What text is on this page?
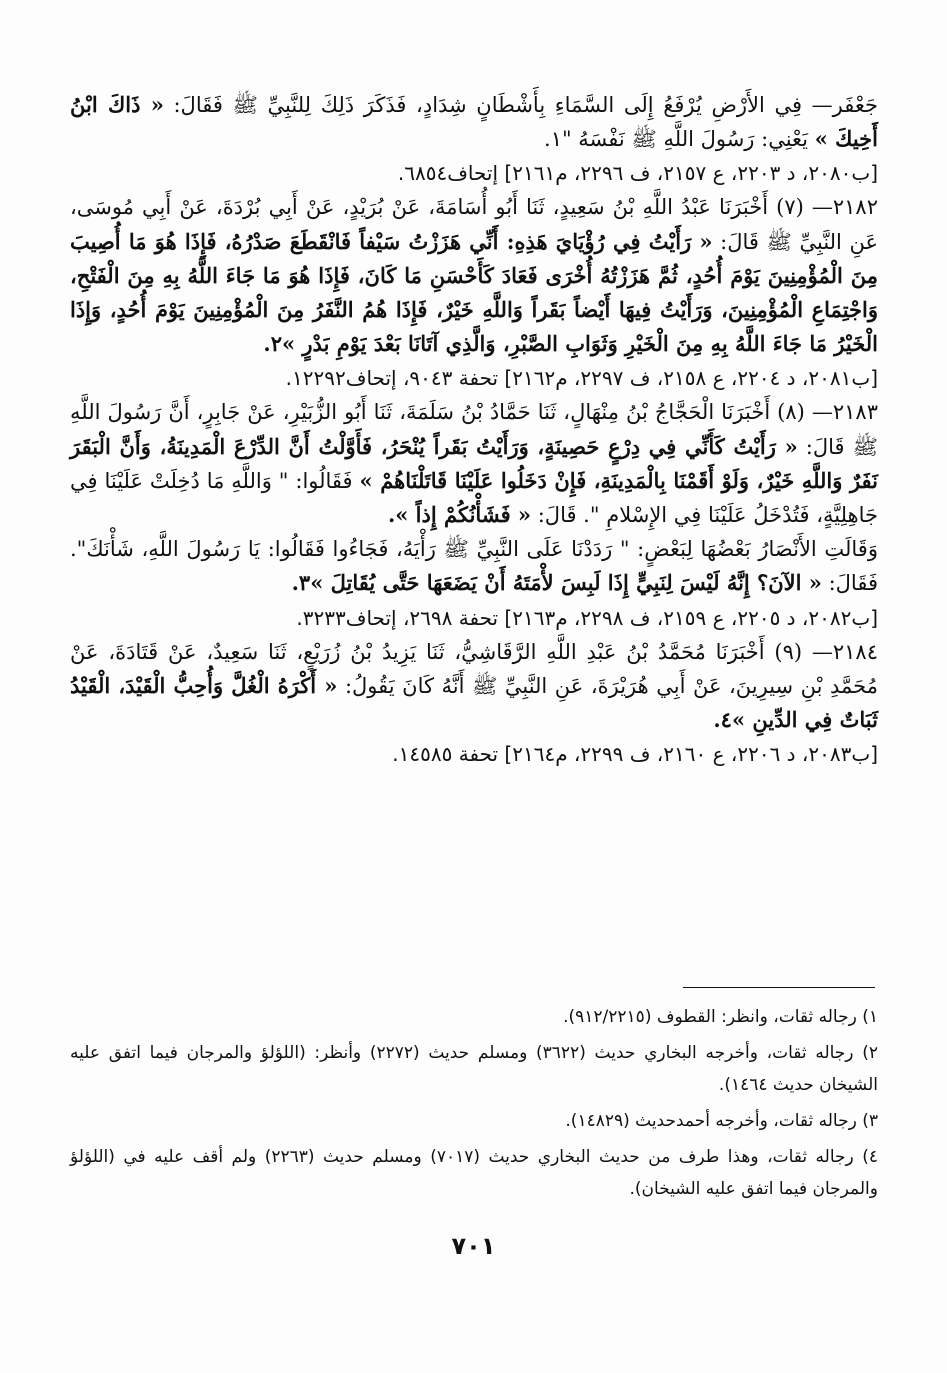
جَعْفَر— فِي الأَرْضِ يُرْفَعُ إِلَى السَّمَاءِ بِأَشْطَانٍ شِدَادٍ، فَذَكَرَ ذَلِكَ لِلنَّبِيِّ ﷺ فَقَالَ: « ذَاكَ ابْنُ أَخِيكَ » يَعْنِي: رَسُولَ اللَّهِ ﷺ نَفْسَهُ "١.

[ب٢٠٨٠، د ٢٢٠٣، ع ٢١٥٧، ف ٢٢٩٦، م٢١٦١] إتحاف٦٨٥٤.

٢١٨٢— (٧) أَخْبَرَنَا عَبْدُ اللَّهِ بْنُ سَعِيدٍ، ثَنَا أَبُو أُسَامَةَ، عَنْ بُرَيْدٍ، عَنْ أَبِي بُرْدَةَ، عَنْ أَبِي مُوسَى، عَنِ النَّبِيِّ ﷺ قَالَ: « رَأَيْتُ فِي رُؤْيَايَ هَذِهِ: أَنِّي هَزَزْتُ سَيْفاً فَانْقَطَعَ صَدْرُهُ، فَإِذَا هُوَ مَا أُصِيبَ مِنَ الْمُؤْمِنِينَ يَوْمَ أُحُدٍ، ثُمَّ هَزَزْتُهُ أُخْرَى فَعَادَ كَأَحْسَنِ مَا كَانَ، فَإِذَا هُوَ مَا جَاءَ اللَّهُ بِهِ مِنَ الْفَتْحِ، وَاجْتِمَاعِ الْمُؤْمِنِينَ، وَرَأَيْتُ فِيهَا أَيْضاً بَقَراً وَاللَّهِ خَيْرٌ، فَإِذَا هُمُ النَّفَرُ مِنَ الْمُؤْمِنِينَ يَوْمَ أُحُدٍ، وَإِذَا الْخَيْرُ مَا جَاءَ اللَّهُ بِهِ مِنَ الْخَيْرِ وَثَوَابِ الصَّبْرِ، وَالَّذِي آتَانَا بَعْدَ يَوْمِ بَدْرٍ »٢.

[ب٢٠٨١، د ٢٢٠٤، ع ٢١٥٨، ف ٢٢٩٧، م٢١٦٢] تحفة ٩٠٤٣، إتحاف١٢٢٩٢.

٢١٨٣— (٨) أَخْبَرَنَا الْحَجَّاجُ بْنُ مِنْهَالٍ، ثَنَا حَمَّادُ بْنُ سَلَمَةَ، ثَنَا أَبُو الزُّبَيْرِ، عَنْ جَابِرٍ، أَنَّ رَسُولَ اللَّهِ ﷺ قَالَ: « رَأَيْتُ كَأَنِّي فِي دِرْعٍ حَصِينَةٍ، وَرَأَيْتُ بَقَراً يُنْحَرُ، فَأَوَّلْتُ أَنَّ الدِّرْعَ الْمَدِينَةُ، وَأَنَّ الْبَقَرَ نَفَرٌ وَاللَّهِ خَيْرٌ، وَلَوْ أَقَمْنَا بِالْمَدِينَةِ، فَإِنْ دَخَلُوا عَلَيْنَا قَاتَلْنَاهُمْ » فَقَالُوا: " وَاللَّهِ مَا دُخِلَتْ عَلَيْنَا فِي جَاهِلِيَّةٍ، فَتُدْخَلُ عَلَيْنَا فِي الإِسْلامِ ". قَالَ: « فَشَأْنُكُمْ إِذاً ».

وَقَالَتِ الأَنْصَارُ بَعْضُهَا لِبَعْضٍ: " رَدَدْنَا عَلَى النَّبِيِّ ﷺ رَأْيَهُ، فَجَاءُوا فَقَالُوا: يَا رَسُولَ اللَّهِ، شَأْنَكَ". فَقَالَ: « الآنَ؟ إِنَّهُ لَيْسَ لِنَبِيٍّ إِذَا لَبِسَ لأْمَتَهُ أَنْ يَضَعَهَا حَتَّى يُقَاتِلَ »٣.

[ب٢٠٨٢، د ٢٢٠٥، ع ٢١٥٩، ف ٢٢٩٨، م٢١٦٣] تحفة ٢٦٩٨، إتحاف٣٢٣٣.

٢١٨٤— (٩) أَخْبَرَنَا مُحَمَّدُ بْنُ عَبْدِ اللَّهِ الرَّقَاشِيُّ، ثَنَا يَزِيدُ بْنُ زُرَيْعٍ، ثَنَا سَعِيدٌ، عَنْ قَتَادَةَ، عَنْ مُحَمَّدِ بْنِ سِيرِينَ، عَنْ أَبِي هُرَيْرَةَ، عَنِ النَّبِيِّ ﷺ أَنَّهُ كَانَ يَقُولُ: « أَكْرَهُ الْغُلَّ وَأُحِبُّ الْقَيْدَ، الْقَيْدُ ثَبَاتٌ فِي الدِّينِ »٤.

[ب٢٠٨٣، د ٢٢٠٦، ع ٢١٦٠، ف ٢٢٩٩، م٢١٦٤] تحفة ١٤٥٨٥.

١) رجاله ثقات، وانظر: القطوف (٩١٢/٢٢١٥).

٢) رجاله ثقات، وأخرجه البخاري حديث (٣٦٢٢) ومسلم حديث (٢٢٧٢) وأنظر: (اللؤلؤ والمرجان فيما اتفق عليه الشيخان حديث ١٤٦٤).

٣) رجاله ثقات، وأخرجه أحمدحديث (١٤٨٢٩).

٤) رجاله ثقات، وهذا طرف من حديث البخاري حديث (٧٠١٧) ومسلم حديث (٢٢٦٣) ولم أقف عليه في (اللؤلؤ والمرجان فيما اتفق عليه الشيخان).

٧٠١
